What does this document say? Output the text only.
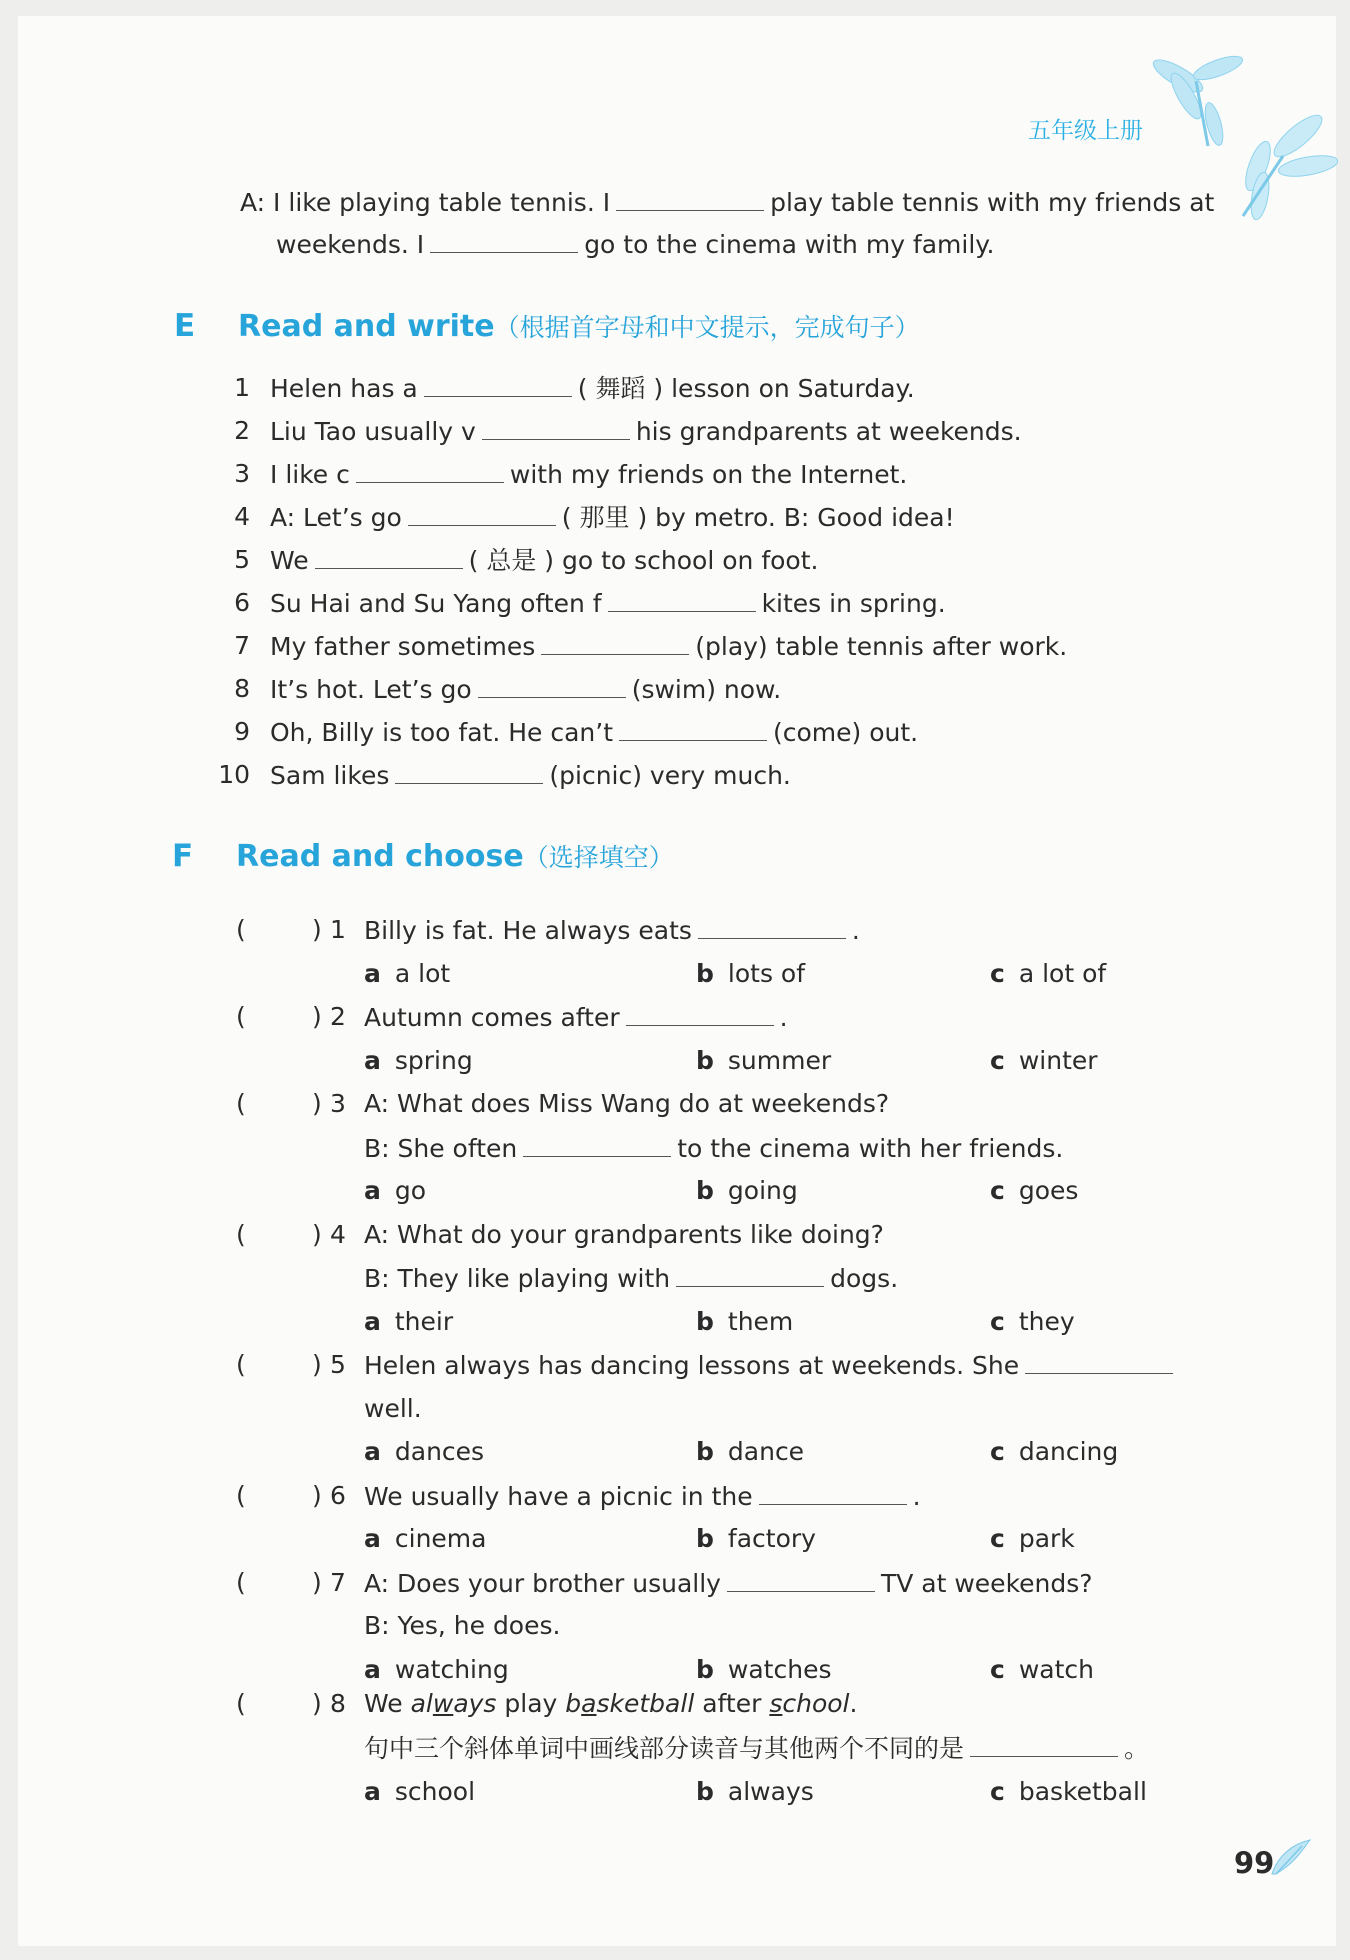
五年级上册
A: I like playing table tennis. I	play table tennis with my friends at
weekends. I	go to the cinema with my family.
E Read and write（根据首字母和中文提示，完成句子）
1 Helen has a	( 舞蹈 ) lesson on Saturday.
2 Liu Tao usually v	his grandparents at weekends.
3 I like c	with my friends on the Internet.
4 A: Let’s go	( 那里 ) by metro. B: Good idea!
5 We	( 总是 ) go to school on foot.
6 Su Hai and Su Yang often f	kites in spring.
7 My father sometimes	(play) table tennis after work.
8 It’s hot. Let’s go	(swim) now.
9 Oh, Billy is too fat. He can’t	(come) out.
10 Sam likes	(picnic) very much.
F Read and choose（选择填空）
(	) 1 Billy is fat. He always eats	.
a a lot	b lots of	c a lot of
(	) 2 Autumn comes after	.
a spring	b summer	c winter
(	) 3 A: What does Miss Wang do at weekends?
B: She often	to the cinema with her friends.
a go	b going	c goes
(	) 4 A: What do your grandparents like doing?
B: They like playing with	dogs.
a their	b them	c they
(	) 5 Helen always has dancing lessons at weekends. She
well.
a dances	b dance	c dancing
(	) 6 We usually have a picnic in the	.
a cinema	b factory	c park
(	) 7 A: Does your brother usually	TV at weekends?
B: Yes, he does.
a watching	b watches	c watch
(	) 8 We always play basketball after school.
句中三个斜体单词中画线部分读音与其他两个不同的是	。
a school	b always	c basketball
99
